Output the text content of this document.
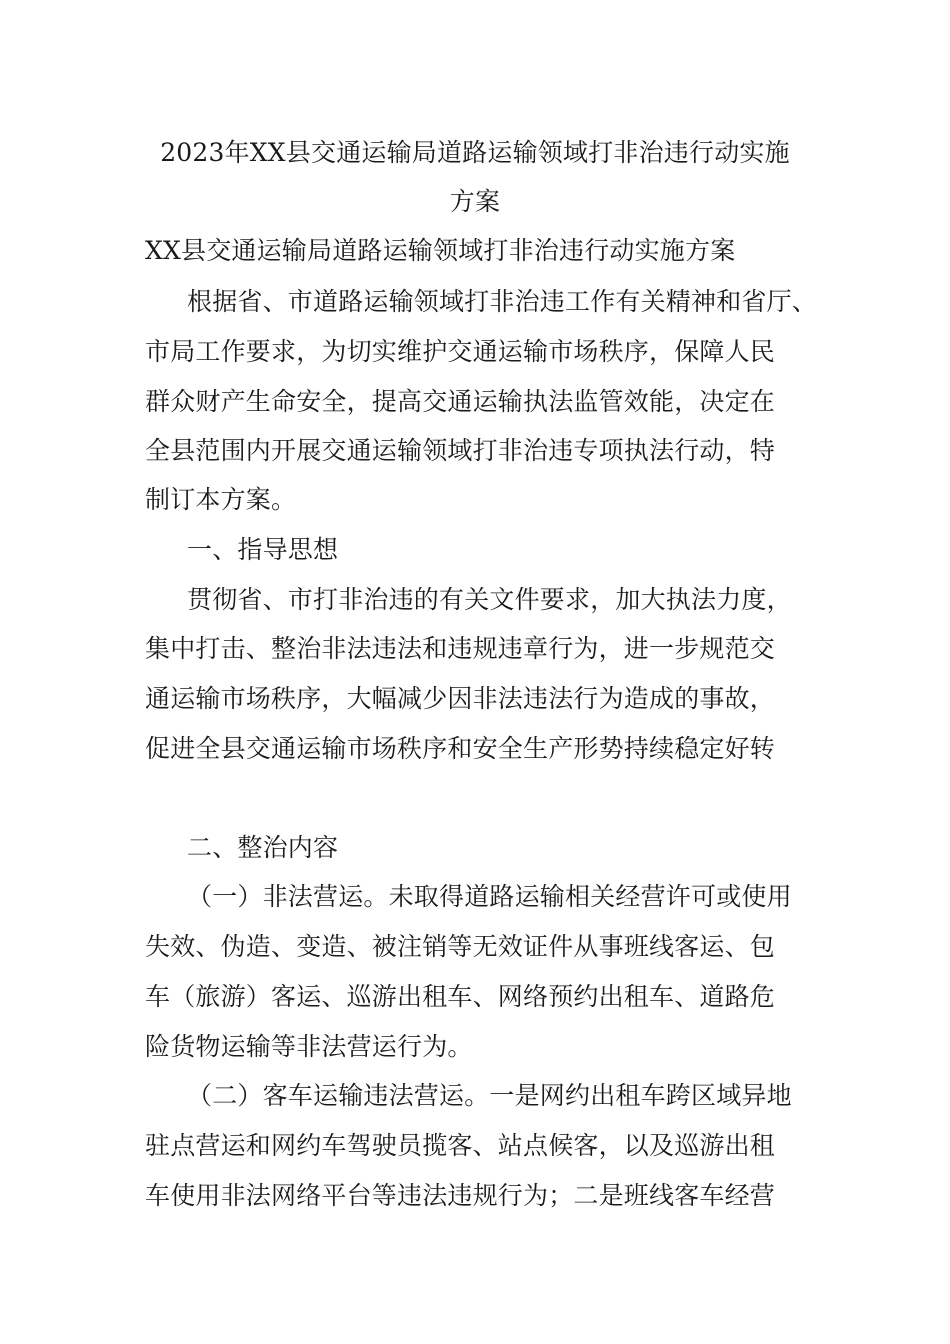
2023年XX县交通运输局道路运输领域打非治违行动实施
方案
XX县交通运输局道路运输领域打非治违行动实施方案
根据省、市道路运输领域打非治违工作有关精神和省厅、
市局工作要求，为切实维护交通运输市场秩序，保障人民
群众财产生命安全，提高交通运输执法监管效能，决定在
全县范围内开展交通运输领域打非治违专项执法行动，特
制订本方案。
一、指导思想
贯彻省、市打非治违的有关文件要求，加大执法力度，
集中打击、整治非法违法和违规违章行为，进一步规范交
通运输市场秩序，大幅减少因非法违法行为造成的事故，
促进全县交通运输市场秩序和安全生产形势持续稳定好转
二、整治内容
（一）非法营运。未取得道路运输相关经营许可或使用
失效、伪造、变造、被注销等无效证件从事班线客运、包
车（旅游）客运、巡游出租车、网络预约出租车、道路危
险货物运输等非法营运行为。
（二）客车运输违法营运。一是网约出租车跨区域异地
驻点营运和网约车驾驶员揽客、站点候客，以及巡游出租
车使用非法网络平台等违法违规行为；二是班线客车经营
